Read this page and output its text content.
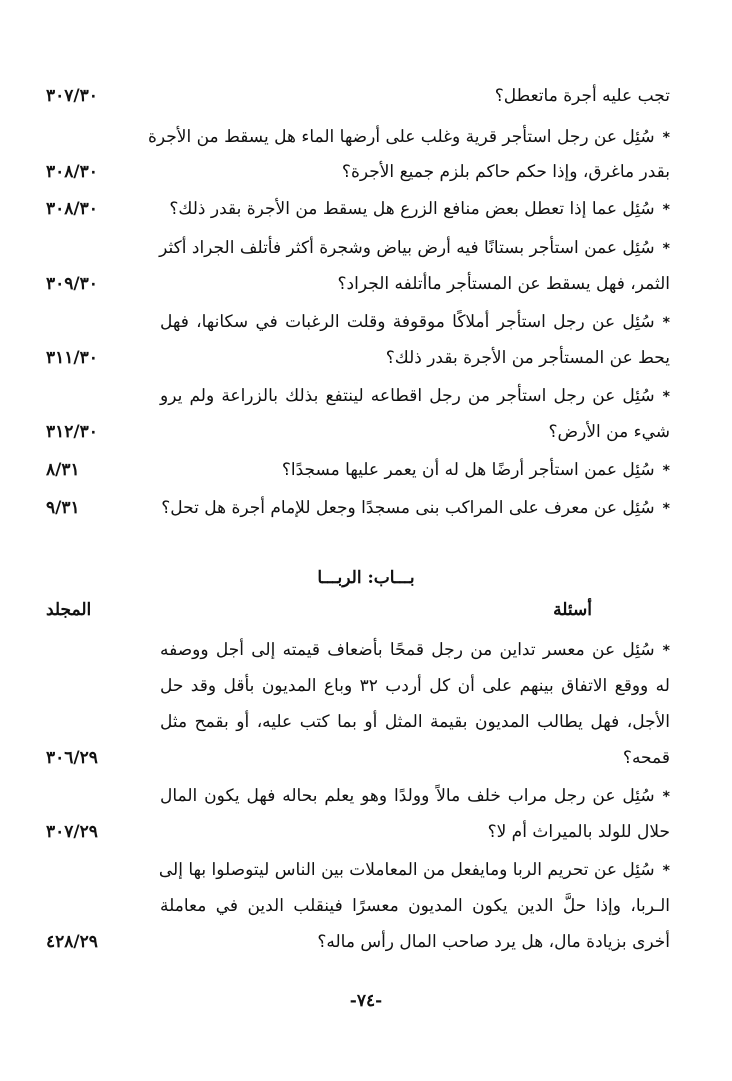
تجب عليه أجرة ماتعطل؟
٣٠٧/٣٠
*سُئِل عن رجل استأجر قرية وغلب على أرضها الماء هل يسقط من الأجرة
بقدر ماغرق، وإذا حكم حاكم بلزم جميع الأجرة؟
٣٠٨/٣٠
*سُئِل عما إذا تعطل بعض منافع الزرع هل يسقط من الأجرة بقدر ذلك؟
٣٠٨/٣٠
*سُئِل عمن استأجر بستانًا فيه أرض بياض وشجرة أكثر فأتلف الجراد أكثر
الثمر، فهل يسقط عن المستأجر ماأتلفه الجراد؟
٣٠٩/٣٠
*سُئِل عن رجل استأجر أملاكًا موقوفة وقلت الرغبات في سكانها، فهل
يحط عن المستأجر من الأجرة بقدر ذلك؟
٣١١/٣٠
*سُئِل عن رجل استأجر من رجل اقطاعه لينتفع بذلك بالزراعة ولم يرو
شيء من الأرض؟
٣١٢/٣٠
*سُئِل عمن استأجر أرضًا هل له أن يعمر عليها مسجدًا؟
٨/٣١
*سُئِل عن معرف على المراكب بنى مسجدًا وجعل للإمام أجرة هل تحل؟
٩/٣١
بـــاب: الربـــا
أسئلة
المجلد
*سُئِل عن معسر تداين من رجل قمحًا بأضعاف قيمته إلى أجل ووصفه
له ووقع الاتفاق بينهم على أن كل أردب ٣٢ وباع المديون بأقل وقد حل
الأجل، فهل يطالب المديون بقيمة المثل أو بما كتب عليه، أو بقمح مثل
قمحه؟
٣٠٦/٢٩
*سُئِل عن رجل مراب خلف مالاً وولدًا وهو يعلم بحاله فهل يكون المال
حلال للولد بالميراث أم لا؟
٣٠٧/٢٩
*سُئِل عن تحريم الربا ومايفعل من المعاملات بين الناس ليتوصلوا بها إلى
الـربا، وإذا حلَّ الدين يكون المديون معسرًا فينقلب الدين في معاملة
أخرى بزيادة مال، هل يرد صاحب المال رأس ماله؟
٤٢٨/٢٩
-٧٤-
